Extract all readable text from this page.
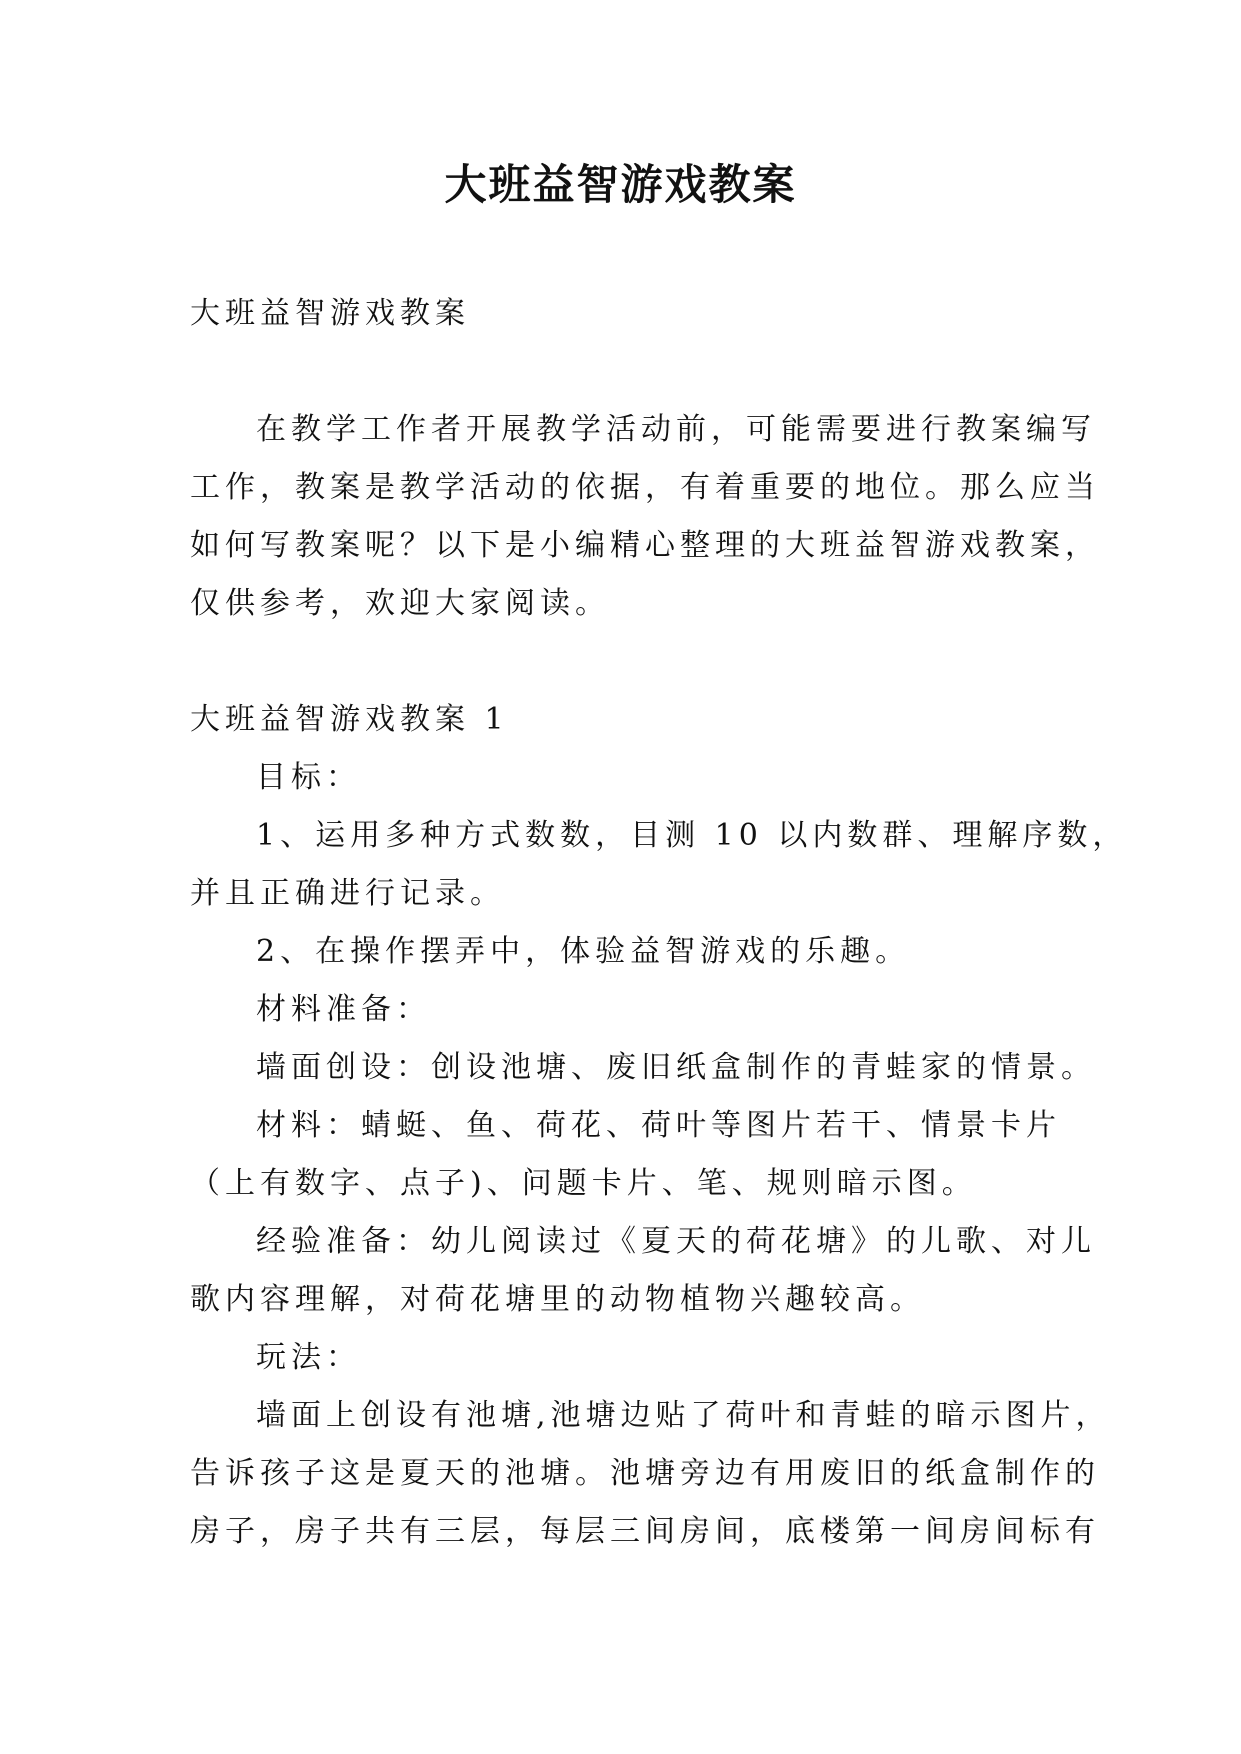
大班益智游戏教案
大班益智游戏教案
在教学工作者开展教学活动前，可能需要进行教案编写
工作，教案是教学活动的依据，有着重要的地位。那么应当
如何写教案呢？以下是小编精心整理的大班益智游戏教案，
仅供参考，欢迎大家阅读。
大班益智游戏教案 1
目标：
1、运用多种方式数数，目测 10 以内数群、理解序数，
并且正确进行记录。
2、在操作摆弄中，体验益智游戏的乐趣。
材料准备：
墙面创设：创设池塘、废旧纸盒制作的青蛙家的情景。
材料：蜻蜓、鱼、荷花、荷叶等图片若干、情景卡片
（上有数字、点子)、问题卡片、笔、规则暗示图。
经验准备：幼儿阅读过《夏天的荷花塘》的儿歌、对儿
歌内容理解，对荷花塘里的动物植物兴趣较高。
玩法：
墙面上创设有池塘,池塘边贴了荷叶和青蛙的暗示图片，
告诉孩子这是夏天的池塘。池塘旁边有用废旧的纸盒制作的
房子，房子共有三层，每层三间房间，底楼第一间房间标有
